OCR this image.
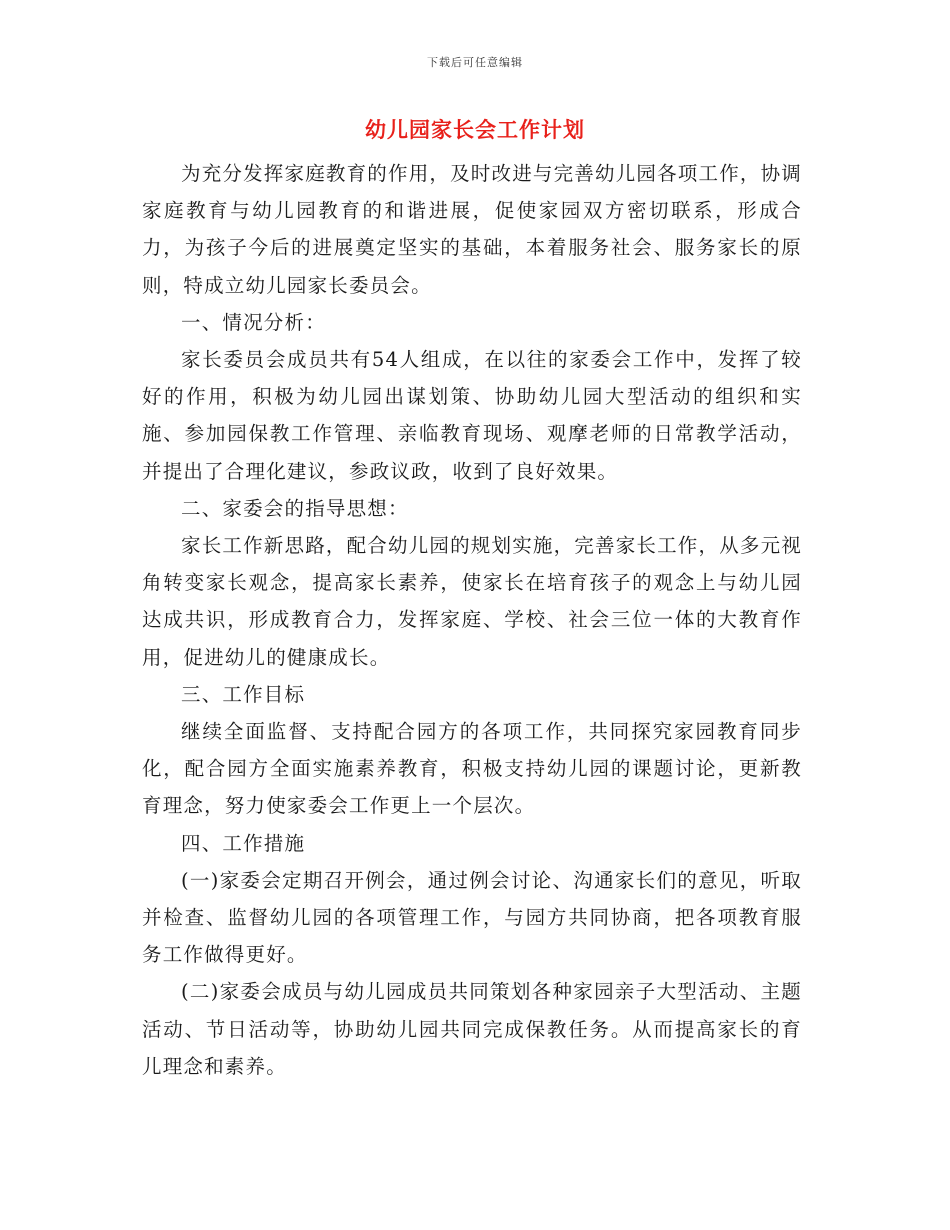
下载后可任意编辑
幼儿园家长会工作计划

为充分发挥家庭教育的作用，及时改进与完善幼儿园各项工作，协调家庭教育与幼儿园教育的和谐进展，促使家园双方密切联系，形成合力，为孩子今后的进展奠定坚实的基础，本着服务社会、服务家长的原则，特成立幼儿园家长委员会。

一、情况分析：

家长委员会成员共有54人组成，在以往的家委会工作中，发挥了较好的作用，积极为幼儿园出谋划策、协助幼儿园大型活动的组织和实施、参加园保教工作管理、亲临教育现场、观摩老师的日常教学活动，并提出了合理化建议，参政议政，收到了良好效果。

二、家委会的指导思想：

家长工作新思路，配合幼儿园的规划实施，完善家长工作，从多元视角转变家长观念，提高家长素养，使家长在培育孩子的观念上与幼儿园达成共识，形成教育合力，发挥家庭、学校、社会三位一体的大教育作用，促进幼儿的健康成长。

三、工作目标

继续全面监督、支持配合园方的各项工作，共同探究家园教育同步化，配合园方全面实施素养教育，积极支持幼儿园的课题讨论，更新教育理念，努力使家委会工作更上一个层次。

四、工作措施

(一)家委会定期召开例会，通过例会讨论、沟通家长们的意见，听取并检查、监督幼儿园的各项管理工作，与园方共同协商，把各项教育服务工作做得更好。

(二)家委会成员与幼儿园成员共同策划各种家园亲子大型活动、主题活动、节日活动等，协助幼儿园共同完成保教任务。从而提高家长的育儿理念和素养。
